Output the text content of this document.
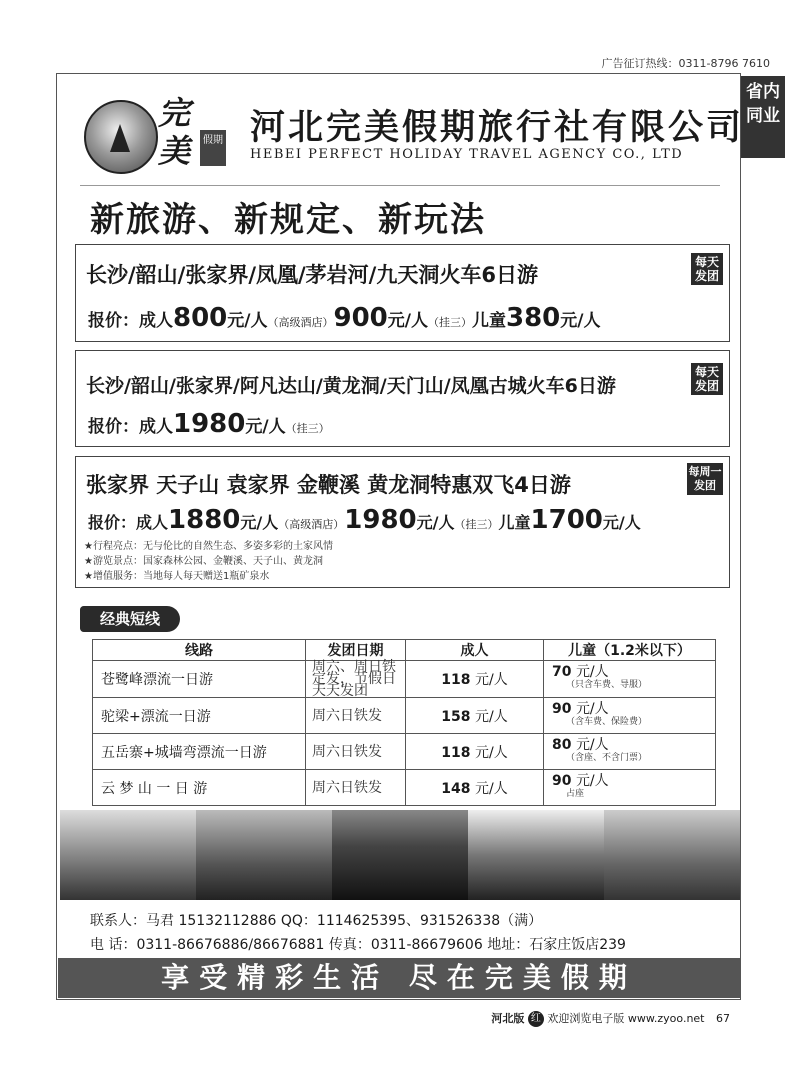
广告征订热线：0311-8796 7610
省内
同业
完
美	假期 河北完美假期旅行社有限公司
HEBEI PERFECT HOLIDAY TRAVEL AGENCY CO., LTD
新旅游、新规定、新玩法
长沙/韶山/张家界/凤凰/茅岩河/九天洞火车6日游
每天
发团
报价：成人800元/人（高级酒店）900元/人（挂三）儿童380元/人
长沙/韶山/张家界/阿凡达山/黄龙洞/天门山/凤凰古城火车6日游
每天
发团
报价：成人1980元/人（挂三）
张家界 天子山 袁家界 金鞭溪 黄龙洞特惠双飞4日游
每周一
发团
报价：成人1880元/人（高级酒店）1980元/人（挂三）儿童1700元/人
★行程亮点：无与伦比的自然生态、多姿多彩的土家风情
★游览景点：国家森林公园、金鞭溪、天子山、黄龙洞
★增值服务：当地每人每天赠送1瓶矿泉水
经典短线
线路	发团日期	成人	儿童（1.2米以下）
苍鹭峰漂流一日游	周六、周日铁定发，节假日天天发团	118 元/人	70 元/人
（只含车费、导服）

驼梁+漂流一日游	周六日铁发	158 元/人	90 元/人
（含车费、保险费）

五岳寨+城墙弯漂流一日游	周六日铁发	118 元/人	80 元/人
（含座、不含门票）

云 梦 山 一 日 游	周六日铁发	148 元/人	90 元/人
占座
联系人：马君 15132112886 QQ：1114625395、931526338（满）
电 话：0311-86676886/86676881 传真：0311-86679606 地址：石家庄饭店239
享受精彩生活 尽在完美假期
河北版 红 欢迎浏览电子版 www.zyoo.net 67
